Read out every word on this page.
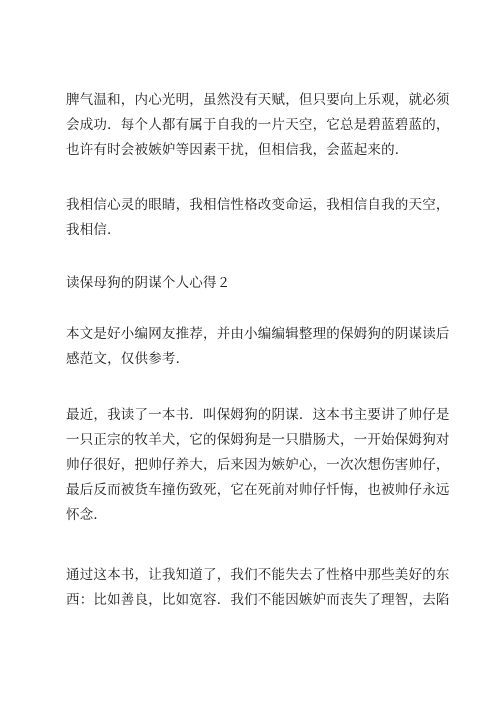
脾气温和，内心光明，虽然没有天赋，但只要向上乐观，就必须
会成功．每个人都有属于自我的一片天空，它总是碧蓝碧蓝的，
也许有时会被嫉妒等因素干扰，但相信我，会蓝起来的．
我相信心灵的眼睛，我相信性格改变命运，我相信自我的天空，
我相信．
读保母狗的阴谋个人心得２
本文是好小编网友推荐，并由小编编辑整理的保姆狗的阴谋读后
感范文，仅供参考．
最近，我读了一本书．叫保姆狗的阴谋．这本书主要讲了帅仔是
一只正宗的牧羊犬，它的保姆狗是一只腊肠犬，一开始保姆狗对
帅仔很好，把帅仔养大，后来因为嫉妒心，一次次想伤害帅仔，
最后反而被货车撞伤致死，它在死前对帅仔忏悔，也被帅仔永远
怀念．
通过这本书，让我知道了，我们不能失去了性格中那些美好的东
西：比如善良，比如宽容．我们不能因嫉妒而丧失了理智，去陷
